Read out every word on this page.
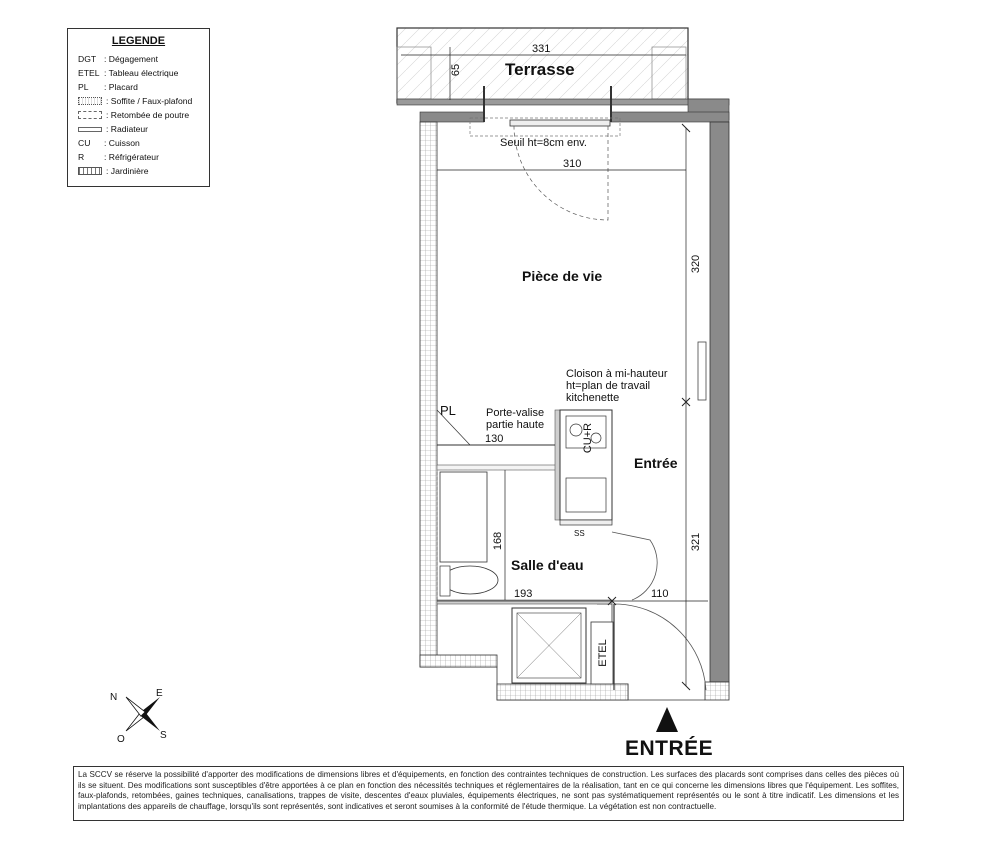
LEGENDE
DGT : Dégagement
ETEL : Tableau électrique
PL	: Placard
: Soffite / Faux-plafond
: Retombée de poutre
: Radiateur
CU	: Cuisson
R	: Réfrigérateur
: Jardinière
Terrasse
Pièce de vie
Entrée
Salle d'eau
Seuil ht=8cm env.
Cloison à mi-hauteur
ht=plan de travail
kitchenette
PL	Porte-valise
partie haute	CU+R
SS
ETEL
ENTRÉE
331
65
310
320
321
130
168
193	110
N	E
S
O
La SCCV se réserve la possibilité d'apporter des modifications de dimensions libres et d'équipements, en fonction des contraintes techniques de construction. Les surfaces des placards sont comprises dans celles des pièces où ils se situent. Des modifications sont susceptibles d'être apportées à ce plan en fonction des nécessités techniques et réglementaires de la réalisation, tant en ce qui concerne les dimensions libres que l'équipement. Les soffites, faux-plafonds, retombées, gaines techniques, canalisations, trappes de visite, descentes d'eaux pluviales, équipements électriques, ne sont pas systématiquement représentés ou le sont à titre indicatif. Les dimensions et les implantations des appareils de chauffage, lorsqu'ils sont représentés, sont indicatives et seront soumises à la conformité de l'étude thermique. La végétation est non contractuelle.
